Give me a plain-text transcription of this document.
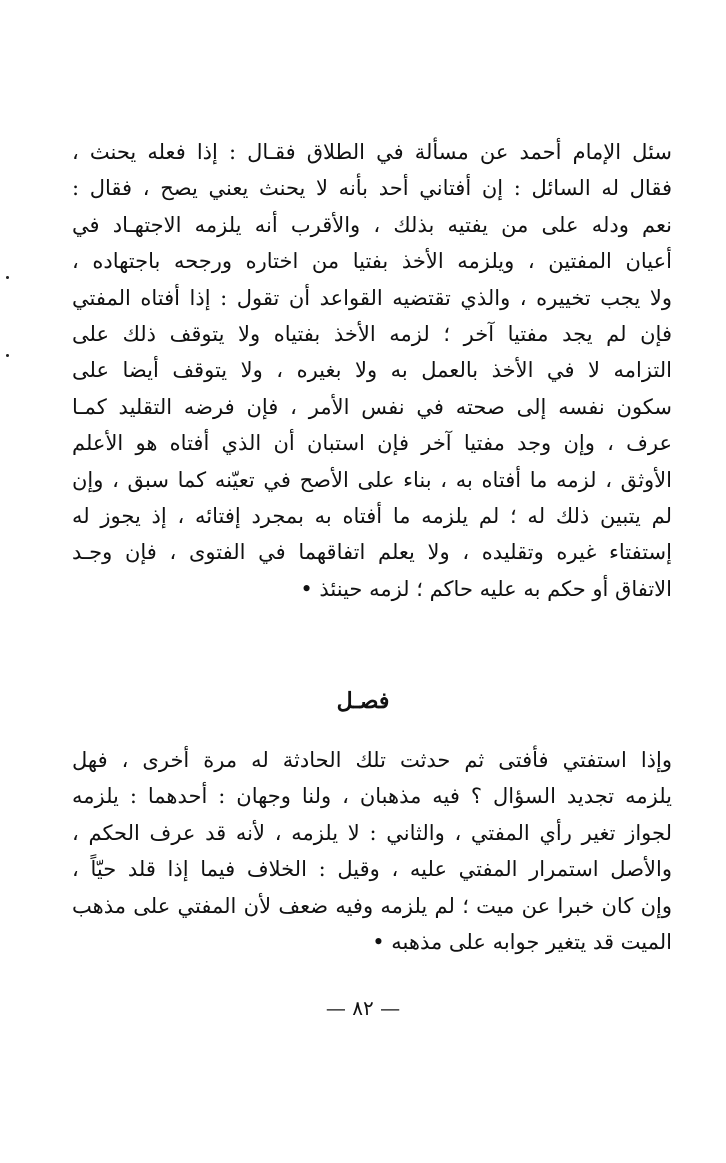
سئل الإمام أحمد عن مسألة في الطلاق فقـال : إذا فعله يحنث ،
فقال له السائل : إن أفتاني أحد بأنه لا يحنث يعني يصح ، فقال :
نعم ودله على من يفتيه بذلك ، والأقرب أنه يلزمه الاجتهـاد في
أعيان المفتين ، ويلزمه الأخذ بفتيا من اختاره ورجحه باجتهاده ،
ولا يجب تخييره ، والذي تقتضيه القواعد أن تقول : إذا أفتاه المفتي
فإن لم يجد مفتيا آخر ؛ لزمه الأخذ بفتياه ولا يتوقف ذلك على
التزامه لا في الأخذ بالعمل به ولا بغيره ، ولا يتوقف أيضا على
سكون نفسه إلى صحته في نفس الأمر ، فإن فرضه التقليد كمـا
عرف ، وإن وجد مفتيا آخر فإن استبان أن الذي أفتاه هو الأعلم
الأوثق ، لزمه ما أفتاه به ، بناء على الأصح في تعيّنه كما سبق ، وإن
لم يتبين ذلك له ؛ لم يلزمه ما أفتاه به بمجرد إفتائه ، إذ يجوز له
إستفتاء غيره وتقليده ، ولا يعلم اتفاقهما في الفتوى ، فإن وجـد
الاتفاق أو حكم به عليه حاكم ؛ لزمه حينئذ •
فصـل
وإذا استفتي فأفتى ثم حدثت تلك الحادثة له مرة أخرى ، فهل
يلزمه تجديد السؤال ؟ فيه مذهبان ، ولنا وجهان : أحدهما : يلزمه
لجواز تغير رأي المفتي ، والثاني : لا يلزمه ، لأنه قد عرف الحكم ،
والأصل استمرار المفتي عليه ، وقيل : الخلاف فيما إذا قلد حيّاً ،
وإن كان خبرا عن ميت ؛ لم يلزمه وفيه ضعف لأن المفتي على مذهب
الميت قد يتغير جوابه على مذهبه •
— ٨٢ —
